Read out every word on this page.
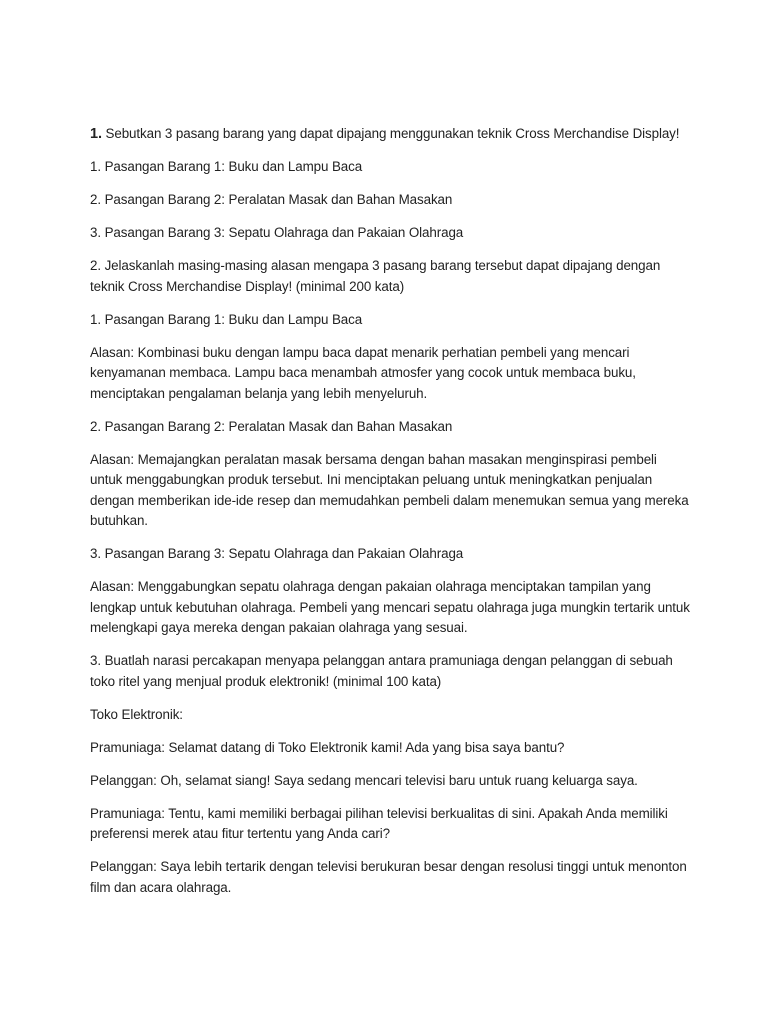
1. Sebutkan 3 pasang barang yang dapat dipajang menggunakan teknik Cross Merchandise Display!

1. Pasangan Barang 1: Buku dan Lampu Baca

2. Pasangan Barang 2: Peralatan Masak dan Bahan Masakan

3. Pasangan Barang 3: Sepatu Olahraga dan Pakaian Olahraga

2. Jelaskanlah masing-masing alasan mengapa 3 pasang barang tersebut dapat dipajang dengan teknik Cross Merchandise Display! (minimal 200 kata)

1. Pasangan Barang 1: Buku dan Lampu Baca

Alasan: Kombinasi buku dengan lampu baca dapat menarik perhatian pembeli yang mencari kenyamanan membaca. Lampu baca menambah atmosfer yang cocok untuk membaca buku, menciptakan pengalaman belanja yang lebih menyeluruh.

2. Pasangan Barang 2: Peralatan Masak dan Bahan Masakan

Alasan: Memajangkan peralatan masak bersama dengan bahan masakan menginspirasi pembeli untuk menggabungkan produk tersebut. Ini menciptakan peluang untuk meningkatkan penjualan dengan memberikan ide-ide resep dan memudahkan pembeli dalam menemukan semua yang mereka butuhkan.

3. Pasangan Barang 3: Sepatu Olahraga dan Pakaian Olahraga

Alasan: Menggabungkan sepatu olahraga dengan pakaian olahraga menciptakan tampilan yang lengkap untuk kebutuhan olahraga. Pembeli yang mencari sepatu olahraga juga mungkin tertarik untuk melengkapi gaya mereka dengan pakaian olahraga yang sesuai.

3. Buatlah narasi percakapan menyapa pelanggan antara pramuniaga dengan pelanggan di sebuah toko ritel yang menjual produk elektronik! (minimal 100 kata)

Toko Elektronik:

Pramuniaga: Selamat datang di Toko Elektronik kami! Ada yang bisa saya bantu?

Pelanggan: Oh, selamat siang! Saya sedang mencari televisi baru untuk ruang keluarga saya.

Pramuniaga: Tentu, kami memiliki berbagai pilihan televisi berkualitas di sini. Apakah Anda memiliki preferensi merek atau fitur tertentu yang Anda cari?

Pelanggan: Saya lebih tertarik dengan televisi berukuran besar dengan resolusi tinggi untuk menonton film dan acara olahraga.
